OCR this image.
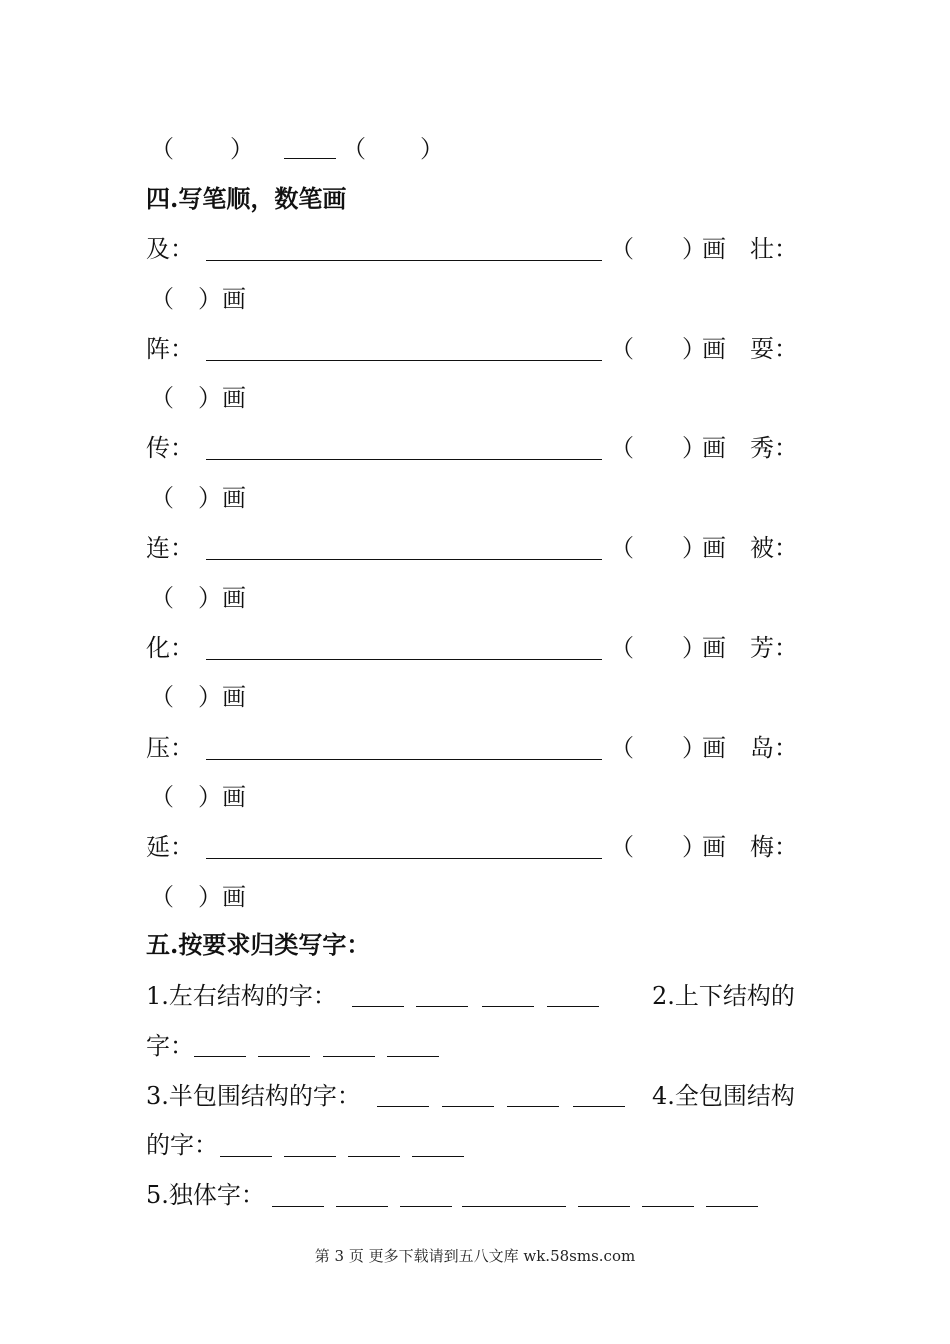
（ ）	（ ）
四.写笔顺，数笔画
及 ：	（　　）
画 壮 ：
（　） 画
阵 ：	（　　）
画 耍 ：
（　） 画
传 ：	（　　）
画 秀 ：
（　） 画
连 ：	（　　）
画 被 ：
（　） 画
化 ：	（　　）
画 芳 ：
（　） 画
压 ：	（　　）
画 岛 ：
（　） 画
延 ：	（　　）
画 梅 ：
（　） 画
五.按要求归类写字：
1.左右结构的字：	2.上下结构的
字：
3.半包围结构的字：	4.全包围结构
的字：
5.独体字：
第 3 页 更多下载请到五八文库 wk.58sms.com
